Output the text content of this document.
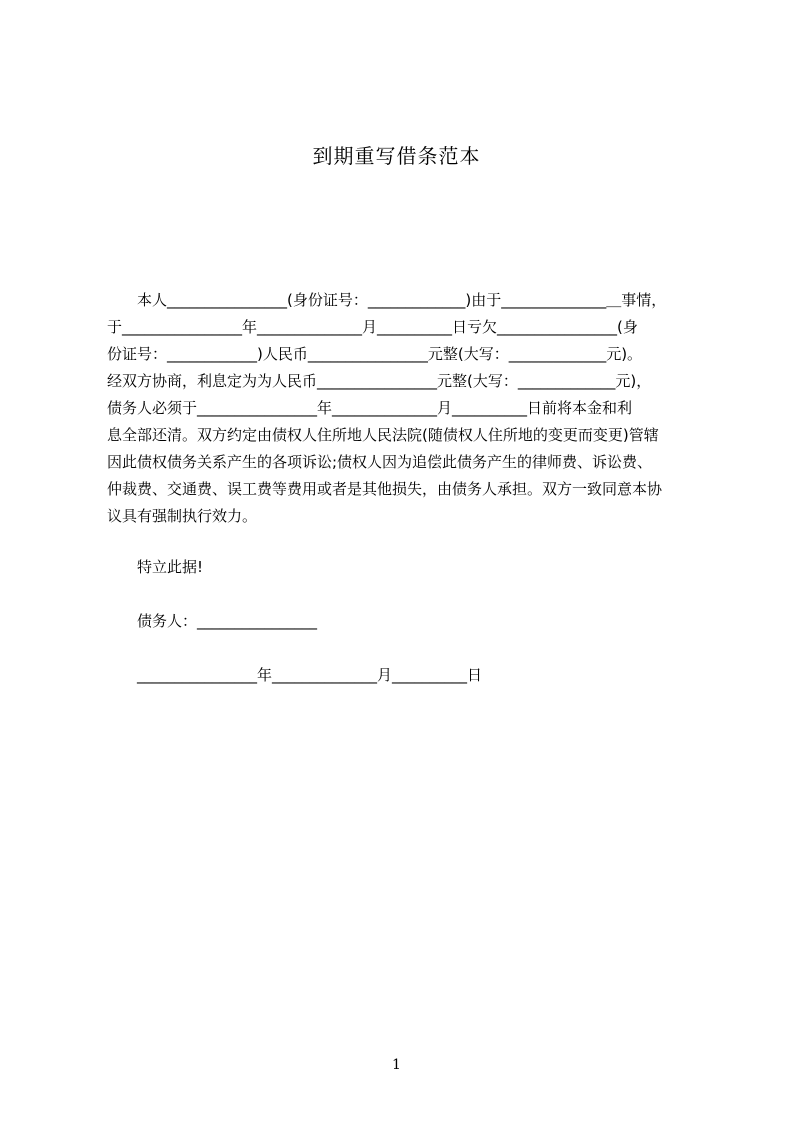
到期重写借条范本
　　本人________________(身份证号：_____________)由于______________＿事情，
于________________年______________月__________日亏欠________________(身
份证号：____________)人民币________________元整(大写：_____________元)。
经双方协商，利息定为为人民币________________元整(大写：_____________元)，
债务人必须于________________年______________月__________日前将本金和利
息全部还清。双方约定由债权人住所地人民法院(随债权人住所地的变更而变更)管辖
因此债权债务关系产生的各项诉讼;债权人因为追偿此债务产生的律师费、诉讼费、
仲裁费、交通费、误工费等费用或者是其他损失，由债务人承担。双方一致同意本协
议具有强制执行效力。
　　特立此据!
　　债务人：________________
　　________________年______________月__________日
1
